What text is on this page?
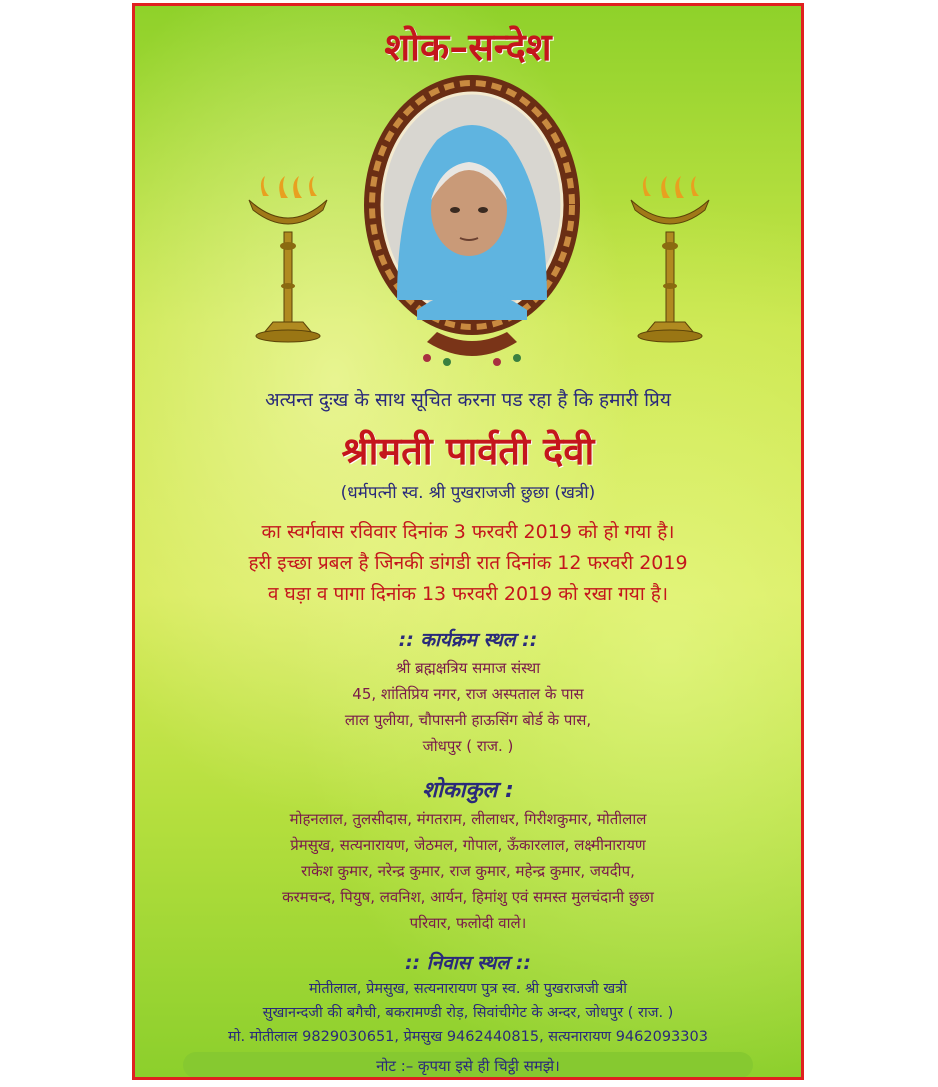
शोक–सन्देश
अत्यन्त दुःख के साथ सूचित करना पड रहा है कि हमारी प्रिय
श्रीमती पार्वती देवी
(धर्मपत्नी स्व. श्री पुखराजजी छुछा (खत्री)
का स्वर्गवास रविवार दिनांक 3 फरवरी 2019 को हो गया है।
हरी इच्छा प्रबल है जिनकी डांगडी रात दिनांक 12 फरवरी 2019
व घड़ा व पागा दिनांक 13 फरवरी 2019 को रखा गया है।
:: कार्यक्रम स्थल ::
श्री ब्रह्मक्षत्रिय समाज संस्था
45, शांतिप्रिय नगर, राज अस्पताल के पास
लाल पुलीया, चौपासनी हाऊसिंग बोर्ड के पास,
जोधपुर ( राज. )
शोकाकुल :
मोहनलाल, तुलसीदास, मंगतराम, लीलाधर, गिरीशकुमार, मोतीलाल
प्रेमसुख, सत्यनारायण, जेठमल, गोपाल, ऊँकारलाल, लक्ष्मीनारायण
राकेश कुमार, नरेन्द्र कुमार, राज कुमार, महेन्द्र कुमार, जयदीप,
करमचन्द, पियुष, लवनिश, आर्यन, हिमांशु एवं समस्त मुलचंदानी छुछा
परिवार, फलोदी वाले।
:: निवास स्थल ::
मोतीलाल, प्रेमसुख, सत्यनारायण पुत्र स्व. श्री पुखराजजी खत्री
सुखानन्दजी की बगैची, बकरामण्डी रोड़, सिवांचीगेट के अन्दर, जोधपुर ( राज. )
मो. मोतीलाल 9829030651, प्रेमसुख 9462440815, सत्यनारायण 9462093303
नोट :– कृपया इसे ही चिट्ठी समझे।
